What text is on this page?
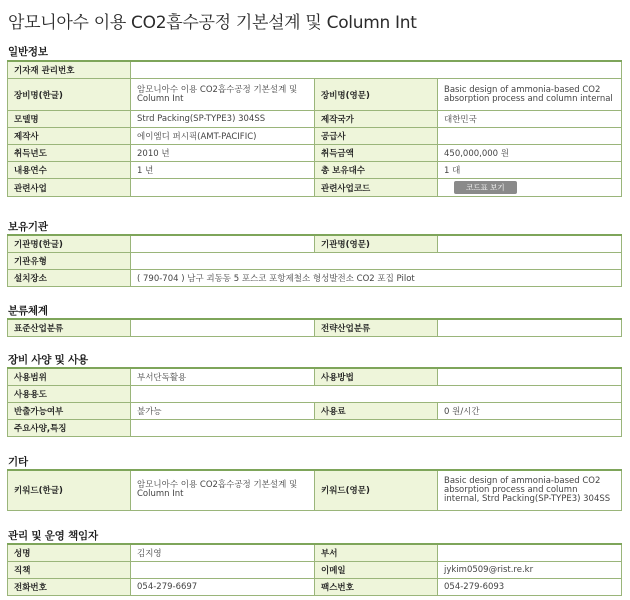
암모니아수 이용 CO2흡수공정 기본설계 및 Column Int
일반정보
기자재 관리번호			
장비명(한글)	암모니아수 이용 CO2흡수공정 기본설계 및 Column Int	장비명(영문)	Basic design of ammonia-based CO2 absorption process and column internal
모델명	Strd Packing(SP-TYPE3) 304SS	제작국가	대한민국
제작사	에이엠디 퍼시픽(AMT-PACIFIC)	공급사	
취득년도	2010 년	취득금액	450,000,000 원
내용연수	1 년	총 보유대수	1 대
관련사업		관련사업코드	코드표 보기
보유기관
기관명(한글)		기관명(영문)	
기관유형			
설치장소	( 790-704 ) 남구 괴동동 5 포스코 포항제철소 형성발전소 CO2 포집 Pilot		
분류체계
표준산업분류		전략산업분류	
장비 사양 및 사용
사용범위	부서단독활용	사용방법	
사용용도			
반출가능여부	불가능	사용료	0 원/시간
주요사양,특징			
기타
키워드(한글)	암모니아수 이용 CO2흡수공정 기본설계 및 Column Int	키워드(영문)	Basic design of ammonia-based CO2 absorption process and column internal, Strd Packing(SP-TYPE3) 304SS
관리 및 운영 책임자
성명	김지영	부서	
직책		이메일	jykim0509@rist.re.kr
전화번호	054-279-6697	팩스번호	054-279-6093
